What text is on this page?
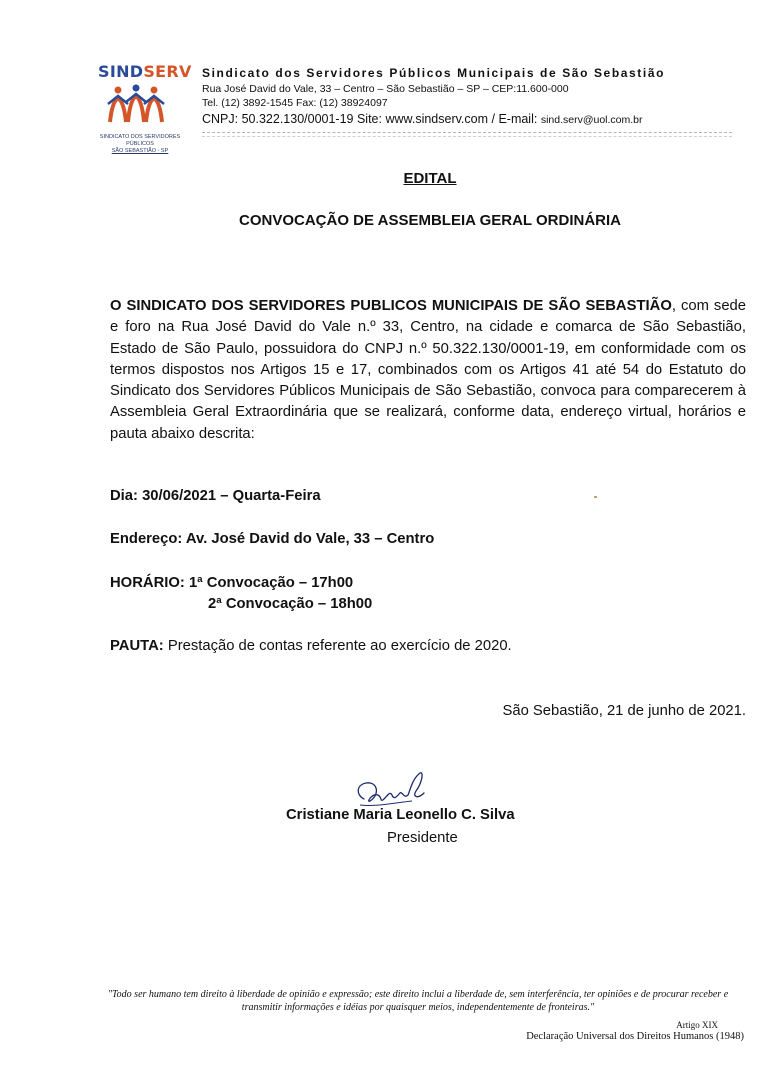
SINDSERV
SINDICATO DOS SERVIDORES PÚBLICOS
SÃO SEBASTIÃO - SP
Sindicato dos Servidores Públicos Municipais de São Sebastião
Rua José David do Vale, 33 – Centro – São Sebastião – SP – CEP:11.600-000
Tel. (12) 3892-1545 Fax: (12) 38924097
CNPJ: 50.322.130/0001-19 Site: www.sindserv.com / E-mail: sind.serv@uol.com.br
EDITAL
CONVOCAÇÃO DE ASSEMBLEIA GERAL ORDINÁRIA
O SINDICATO DOS SERVIDORES PUBLICOS MUNICIPAIS DE SÃO SEBASTIÃO, com sede e foro na Rua José David do Vale n.º 33, Centro, na cidade e comarca de São Sebastião, Estado de São Paulo, possuidora do CNPJ n.º 50.322.130/0001-19, em conformidade com os termos dispostos nos Artigos 15 e 17, combinados com os Artigos 41 até 54 do Estatuto do Sindicato dos Servidores Públicos Municipais de São Sebastião, convoca para comparecerem à Assembleia Geral Extraordinária que se realizará, conforme data, endereço virtual, horários e pauta abaixo descrita:
Dia: 30/06/2021 – Quarta-Feira
Endereço: Av. José David do Vale, 33 – Centro
HORÁRIO: 1ª Convocação – 17h00
2ª Convocação – 18h00
PAUTA: Prestação de contas referente ao exercício de 2020.
São Sebastião, 21 de junho de 2021.
Cristiane Maria Leonello C. Silva
Presidente
"Todo ser humano tem direito à liberdade de opinião e expressão; este direito inclui a liberdade de, sem interferência, ter opiniões e de procurar receber e transmitir informações e idéias por quaisquer meios, independentemente de fronteiras."
Artigo XIX
Declaração Universal dos Direitos Humanos (1948)
